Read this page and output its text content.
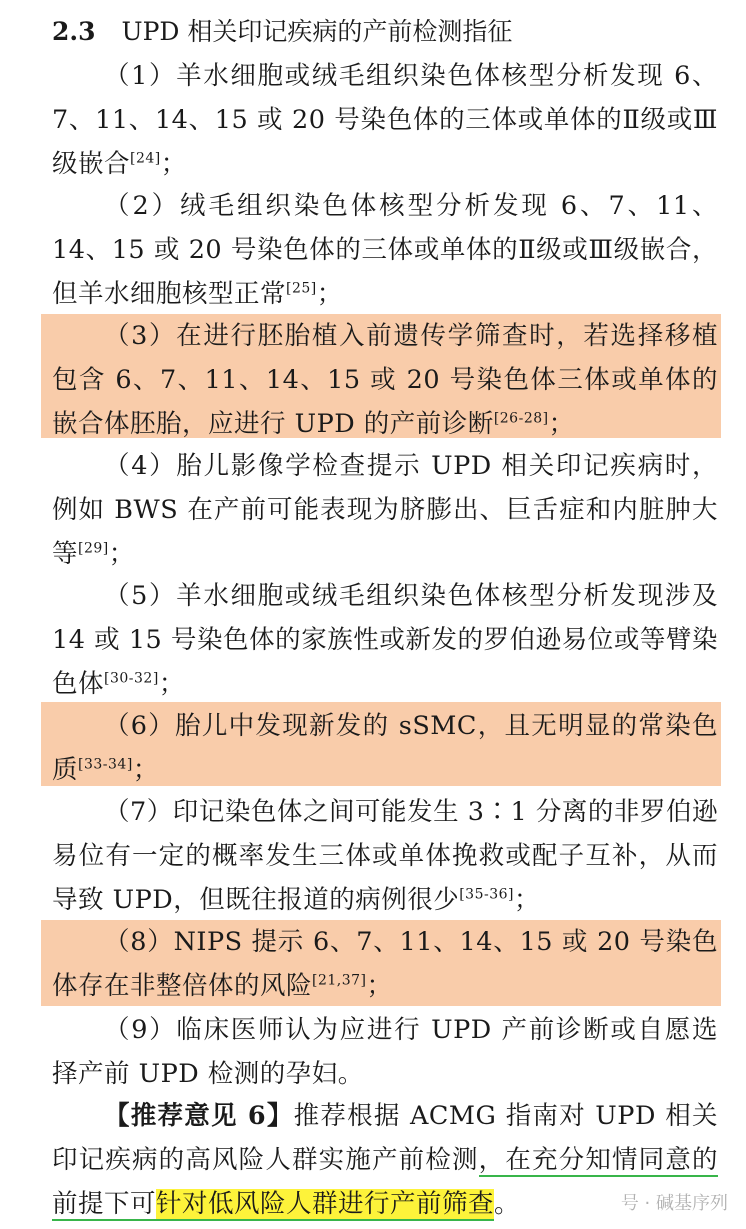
2.3 UPD 相关印记疾病的产前检测指征

（1）羊水细胞或绒毛组织染色体核型分析发现 6、7、11、14、15 或 20 号染色体的三体或单体的Ⅱ级或Ⅲ级嵌合[24]；

（2）绒毛组织染色体核型分析发现 6、7、11、14、15 或 20 号染色体的三体或单体的Ⅱ级或Ⅲ级嵌合，但羊水细胞核型正常[25]；

（3）在进行胚胎植入前遗传学筛查时，若选择移植包含 6、7、11、14、15 或 20 号染色体三体或单体的嵌合体胚胎，应进行 UPD 的产前诊断[26-28]；

（4）胎儿影像学检查提示 UPD 相关印记疾病时，例如 BWS 在产前可能表现为脐膨出、巨舌症和内脏肿大等[29]；

（5）羊水细胞或绒毛组织染色体核型分析发现涉及 14 或 15 号染色体的家族性或新发的罗伯逊易位或等臂染色体[30-32]；

（6）胎儿中发现新发的 sSMC，且无明显的常染色质[33-34]；

（7）印记染色体之间可能发生 3∶1 分离的非罗伯逊易位有一定的概率发生三体或单体挽救或配子互补，从而导致 UPD，但既往报道的病例很少[35-36]；

（8）NIPS 提示 6、7、11、14、15 或 20 号染色体存在非整倍体的风险[21,37]；

（9）临床医师认为应进行 UPD 产前诊断或自愿选择产前 UPD 检测的孕妇。

【推荐意见 6】推荐根据 ACMG 指南对 UPD 相关印记疾病的高风险人群实施产前检测，在充分知情同意的前提下可针对低风险人群进行产前筛查。	号 · 碱基序列
